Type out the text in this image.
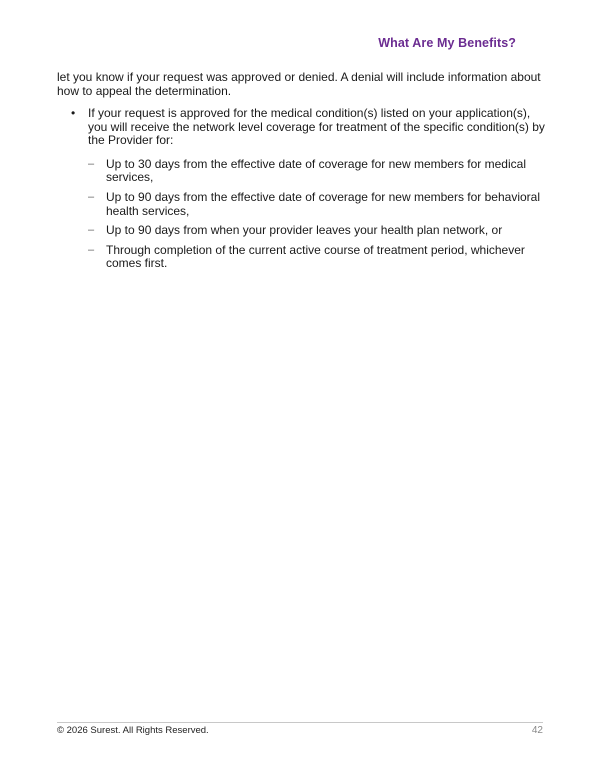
What Are My Benefits?
let you know if your request was approved or denied. A denial will include information about how to appeal the determination.
• If your request is approved for the medical condition(s) listed on your application(s), you will receive the network level coverage for treatment of the specific condition(s) by the Provider for:
– Up to 30 days from the effective date of coverage for new members for medical services,
– Up to 90 days from the effective date of coverage for new members for behavioral health services,
– Up to 90 days from when your provider leaves your health plan network, or
– Through completion of the current active course of treatment period, whichever comes first.
© 2026 Surest. All Rights Reserved.	42
